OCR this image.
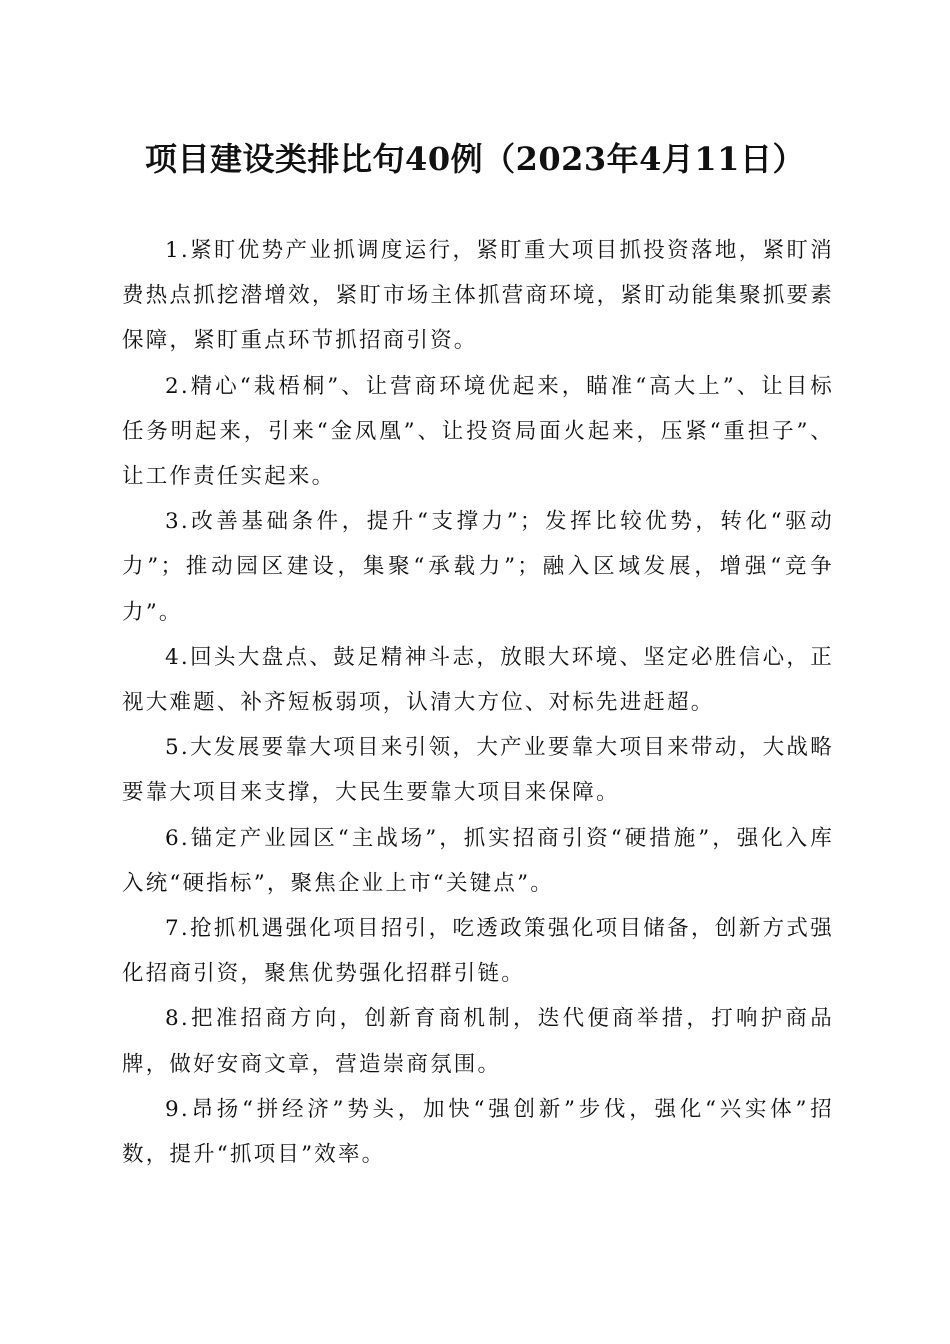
项目建设类排比句40例（2023年4月11日）

1.紧盯优势产业抓调度运行，紧盯重大项目抓投资落地，紧盯消费热点抓挖潜增效，紧盯市场主体抓营商环境，紧盯动能集聚抓要素保障，紧盯重点环节抓招商引资。

2.精心“栽梧桐”、让营商环境优起来，瞄准“高大上”、让目标任务明起来，引来“金凤凰”、让投资局面火起来，压紧“重担子”、让工作责任实起来。

3.改善基础条件，提升“支撑力”；发挥比较优势，转化“驱动力”；推动园区建设，集聚“承载力”；融入区域发展，增强“竞争力”。

4.回头大盘点、鼓足精神斗志，放眼大环境、坚定必胜信心，正视大难题、补齐短板弱项，认清大方位、对标先进赶超。

5.大发展要靠大项目来引领，大产业要靠大项目来带动，大战略要靠大项目来支撑，大民生要靠大项目来保障。

6.锚定产业园区“主战场”，抓实招商引资“硬措施”，强化入库入统“硬指标”，聚焦企业上市“关键点”。

7.抢抓机遇强化项目招引，吃透政策强化项目储备，创新方式强化招商引资，聚焦优势强化招群引链。

8.把准招商方向，创新育商机制，迭代便商举措，打响护商品牌，做好安商文章，营造崇商氛围。

9.昂扬“拼经济”势头，加快“强创新”步伐，强化“兴实体”招数，提升“抓项目”效率。
